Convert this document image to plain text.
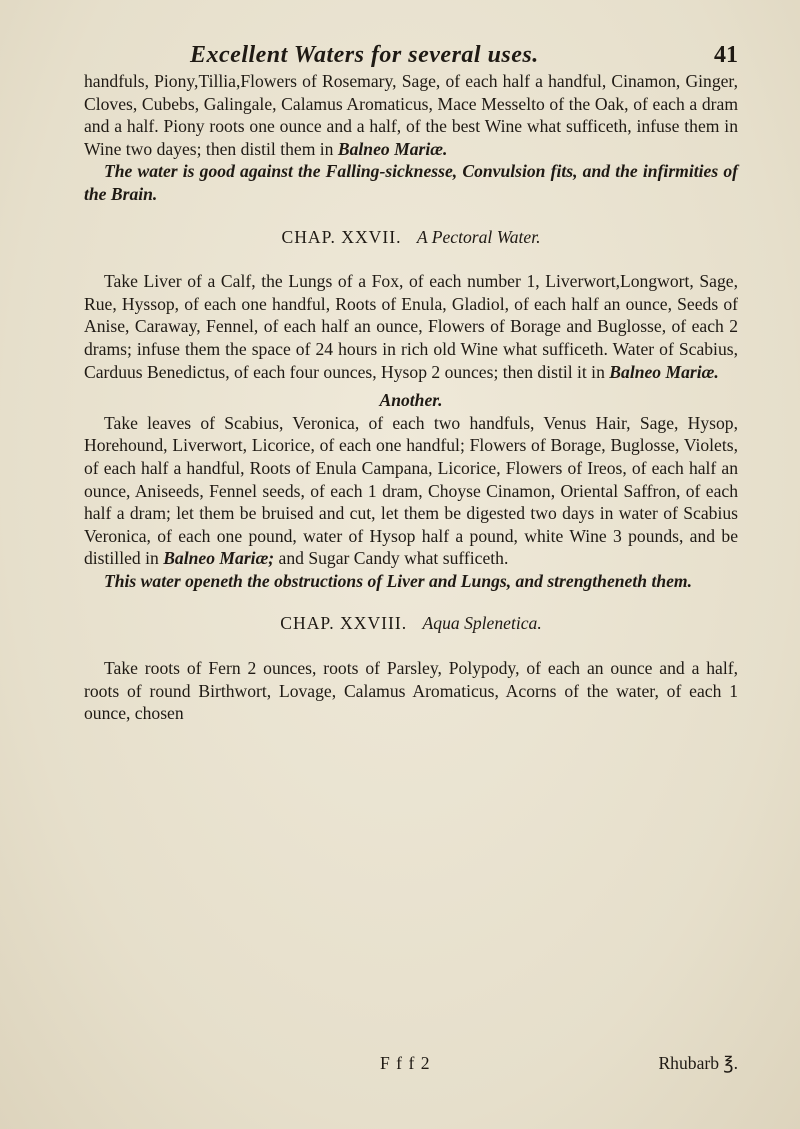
Excellent Waters for several uses.	41

handfuls, Piony,Tillia,Flowers of Rosemary, Sage, of each half a handful, Cinamon, Ginger, Cloves, Cubebs, Galingale, Calamus Aromaticus, Mace Messelto of the Oak, of each a dram and a half. Piony roots one ounce and a half, of the best Wine what sufficeth, infuse them in Wine two dayes; then distil them in Balneo Mariæ.

The water is good against the Falling-sicknesse, Convulsion fits, and the infirmities of the Brain.

CHAP. XXVII. A Pectoral Water.

Take Liver of a Calf, the Lungs of a Fox, of each number 1, Liverwort,Longwort, Sage, Rue, Hyssop, of each one handful, Roots of Enula, Gladiol, of each half an ounce, Seeds of Anise, Caraway, Fennel, of each half an ounce, Flowers of Borage and Buglosse, of each 2 drams; infuse them the space of 24 hours in rich old Wine what sufficeth. Water of Scabius, Carduus Benedictus, of each four ounces, Hysop 2 ounces; then distil it in Balneo Mariæ.

Another.

Take leaves of Scabius, Veronica, of each two handfuls, Venus Hair, Sage, Hysop, Horehound, Liverwort, Licorice, of each one handful; Flowers of Borage, Buglosse, Violets, of each half a handful, Roots of Enula Campana, Licorice, Flowers of Ireos, of each half an ounce, Aniseeds, Fennel seeds, of each 1 dram, Choyse Cinamon, Oriental Saffron, of each half a dram; let them be bruised and cut, let them be digested two days in water of Scabius Veronica, of each one pound, water of Hysop half a pound, white Wine 3 pounds, and be distilled in Balneo Mariæ; and Sugar Candy what sufficeth.

This water openeth the obstructions of Liver and Lungs, and strengtheneth them.

CHAP. XXVIII. Aqua Splenetica.

Take roots of Fern 2 ounces, roots of Parsley, Polypody, of each an ounce and a half, roots of round Birthwort, Lovage, Calamus Aromaticus, Acorns of the water, of each 1 ounce, chosen

F f f 2	Rhubarb ℥.
